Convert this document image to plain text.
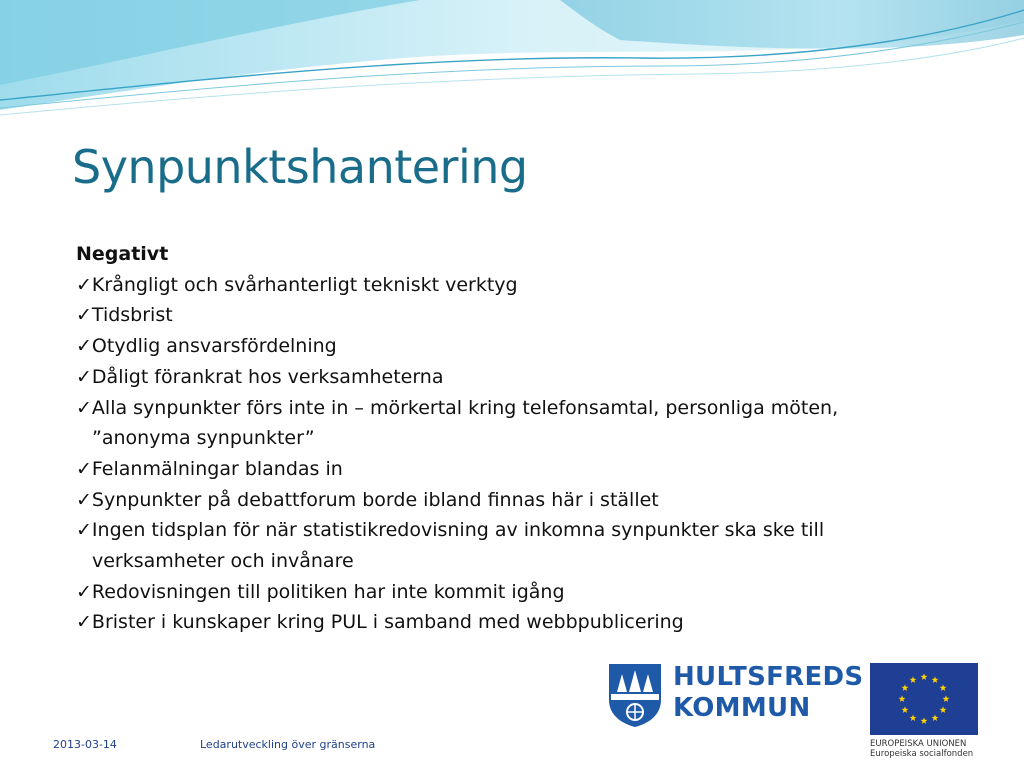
Synpunktshantering
Negativt
✓Krångligt och svårhanterligt tekniskt verktyg
✓Tidsbrist
✓Otydlig ansvarsfördelning
✓Dåligt förankrat hos verksamheterna
✓Alla synpunkter förs inte in – mörkertal kring telefonsamtal, personliga möten,
”anonyma synpunkter”
✓Felanmälningar blandas in
✓Synpunkter på debattforum borde ibland finnas här i stället
✓Ingen tidsplan för när statistikredovisning av inkomna synpunkter ska ske till
verksamheter och invånare
✓Redovisningen till politiken har inte kommit igång
✓Brister i kunskaper kring PUL i samband med webbpublicering
HULTSFREDS
KOMMUN
EUROPEISKA UNIONEN
Europeiska socialfonden
2013-03-14	Ledarutveckling över gränserna
